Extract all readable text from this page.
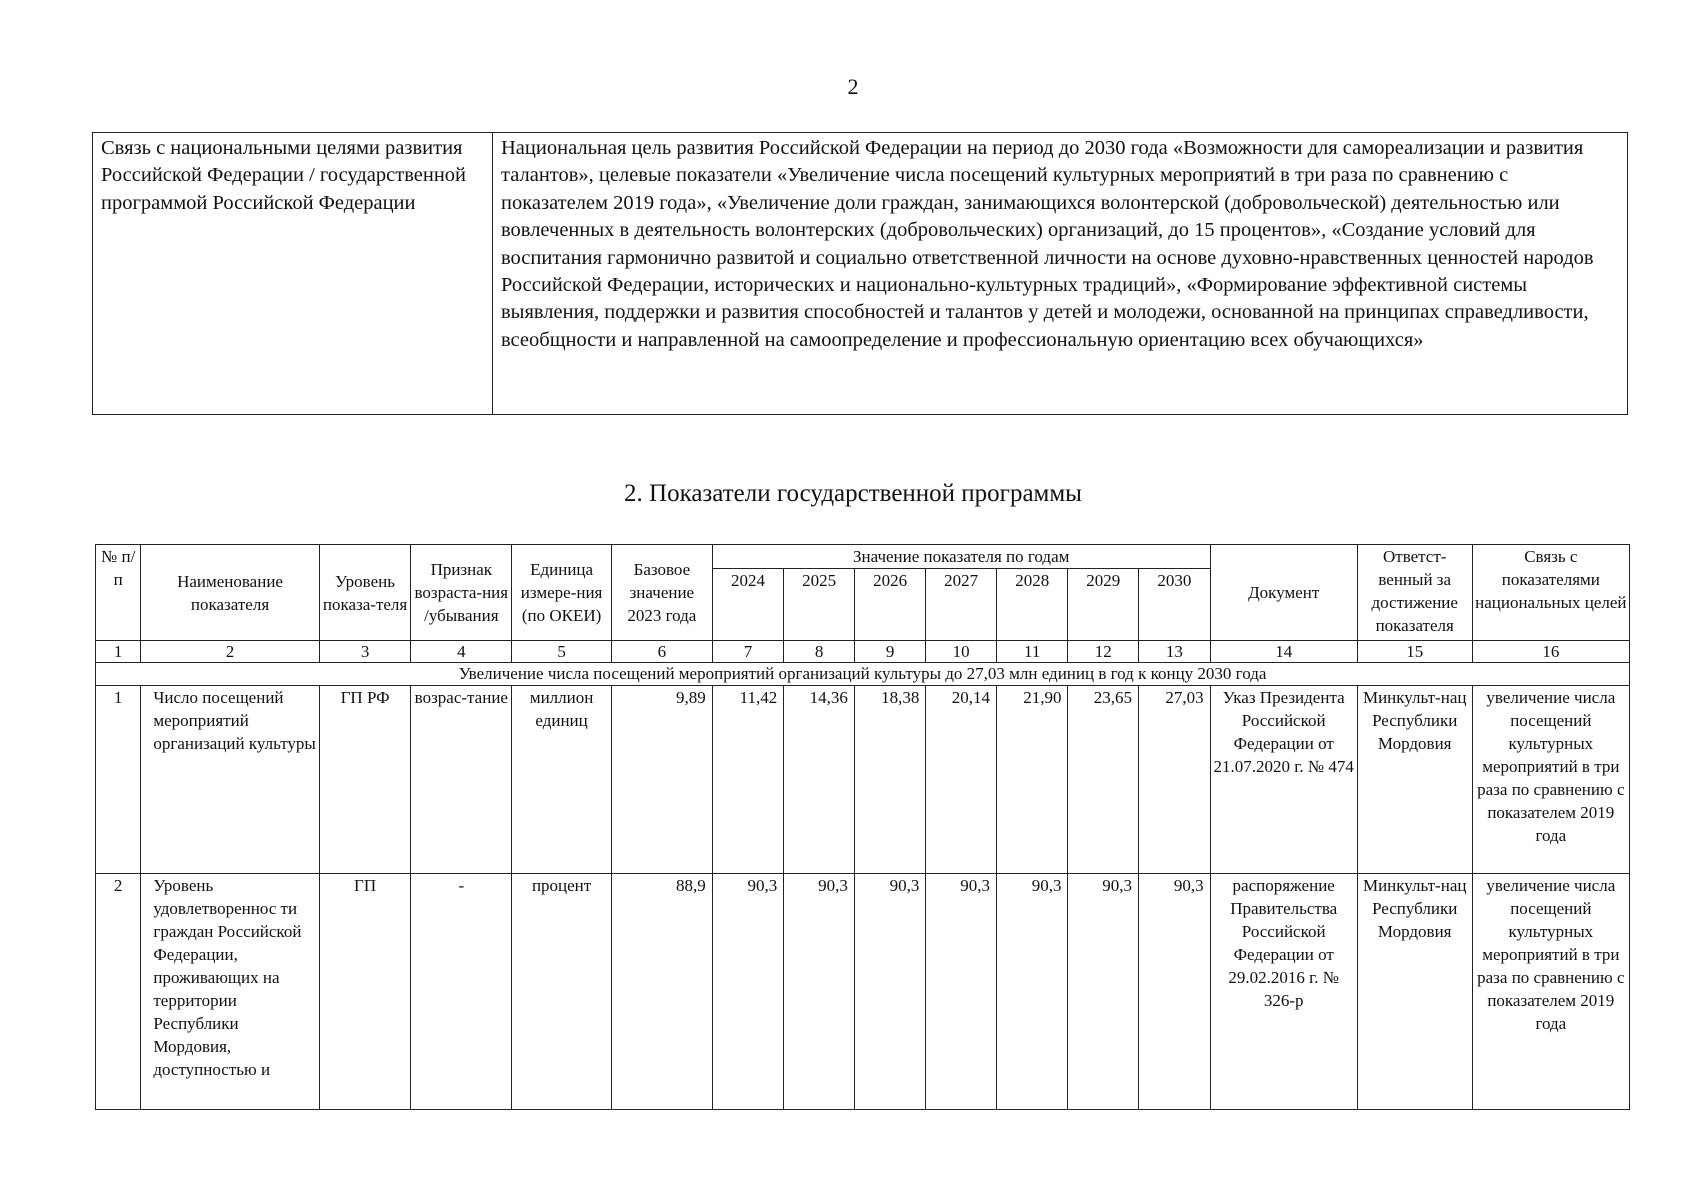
2
Связь с национальными целями развития Российской Федерации / государственной программой Российской Федерации	Национальная цель развития Российской Федерации на период до 2030 года «Возможности для самореализации и развития талантов», целевые показатели «Увеличение числа посещений культурных мероприятий в три раза по сравнению с показателем 2019 года», «Увеличение доли граждан, занимающихся волонтерской (добровольческой) деятельностью или вовлеченных в деятельность волонтерских (добровольческих) организаций, до 15 процентов», «Создание условий для воспитания гармонично развитой и социально ответственной личности на основе духовно-нравственных ценностей народов Российской Федерации, исторических и национально-культурных традиций», «Формирование эффективной системы выявления, поддержки и развития способностей и талантов у детей и молодежи, основанной на принципах справедливости, всеобщности и направленной на самоопределение и профессиональную ориентацию всех обучающихся»
2. Показатели государственной программы
№ п/п	Наименование показателя	Уровень показа-теля	Признак возраста-ния /убывания	Единица измере-ния (по ОКЕИ)	Базовое значение 2023 года	Значение показателя по годам							Документ	Ответст-венный за достижение показателя	Связь с показателями национальных целей
						2024	2025	2026	2027	2028	2029	2030			
1	2	3	4	5	6	7	8	9	10	11	12	13	14	15	16
Увеличение числа посещений мероприятий организаций культуры до 27,03 млн единиц в год к концу 2030 года															
1	Число посещений мероприятий организаций культуры	ГП РФ	возрас-тание	миллион единиц	9,89	11,42	14,36	18,38	20,14	21,90	23,65	27,03	Указ Президента Российской Федерации от 21.07.2020 г. № 474	Минкульт-нац Республики Мордовия	увеличение числа посещений культурных мероприятий в три раза по сравнению с показателем 2019 года
2	Уровень удовлетвореннос ти граждан Российской Федерации, проживающих на территории Республики Мордовия, доступностью и	ГП	-	процент	88,9	90,3	90,3	90,3	90,3	90,3	90,3	90,3	распоряжение Правительства Российской Федерации от 29.02.2016 г. № 326-р	Минкульт-нац Республики Мордовия	увеличение числа посещений культурных мероприятий в три раза по сравнению с показателем 2019 года
